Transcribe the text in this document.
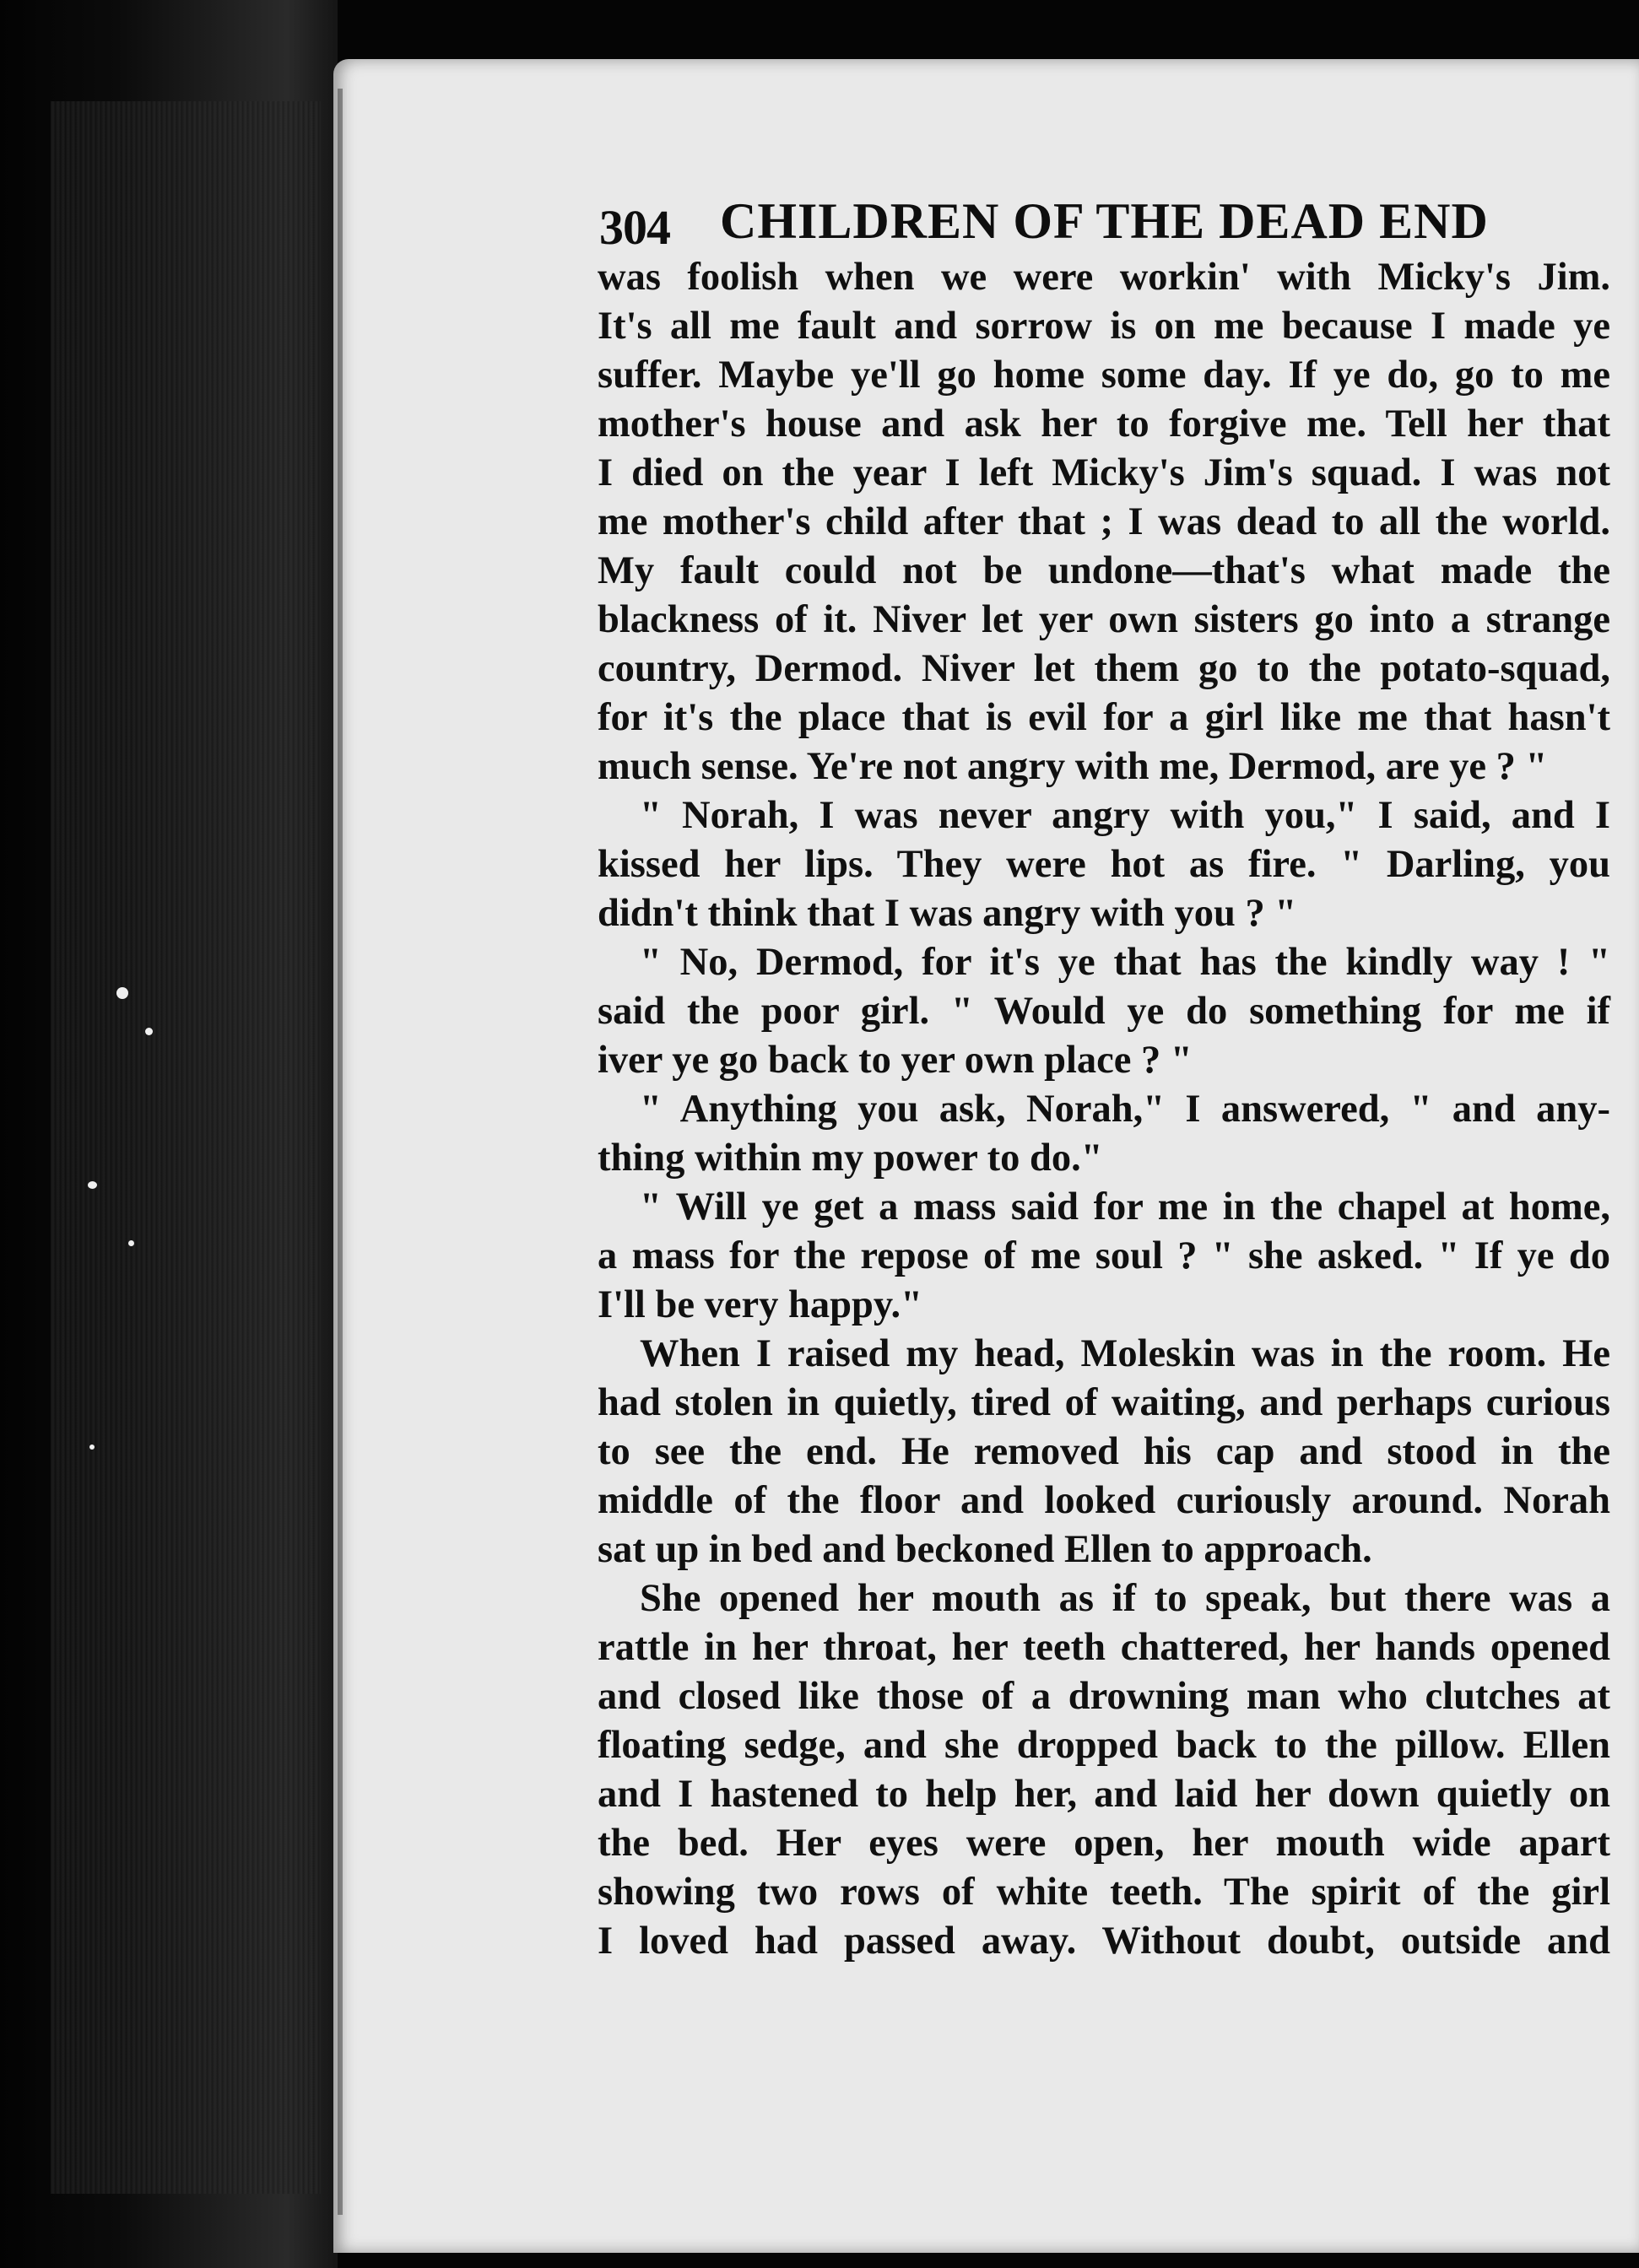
304 CHILDREN OF THE DEAD END
was foolish when we were workin' with Micky's Jim.
It's all me fault and sorrow is on me because I made ye
suffer. Maybe ye'll go home some day. If ye do, go to me
mother's house and ask her to forgive me. Tell her that
I died on the year I left Micky's Jim's squad. I was not
me mother's child after that ; I was dead to all the world.
My fault could not be undone—that's what made the
blackness of it. Niver let yer own sisters go into a strange
country, Dermod. Niver let them go to the potato-squad,
for it's the place that is evil for a girl like me that hasn't
much sense. Ye're not angry with me, Dermod, are ye ? "
" Norah, I was never angry with you," I said, and I
kissed her lips. They were hot as fire. " Darling, you
didn't think that I was angry with you ? "
" No, Dermod, for it's ye that has the kindly way ! "
said the poor girl. " Would ye do something for me if
iver ye go back to yer own place ? "
" Anything you ask, Norah," I answered, " and any-
thing within my power to do."
" Will ye get a mass said for me in the chapel at home,
a mass for the repose of me soul ? " she asked. " If ye do
I'll be very happy."
When I raised my head, Moleskin was in the room. He
had stolen in quietly, tired of waiting, and perhaps curious
to see the end. He removed his cap and stood in the
middle of the floor and looked curiously around. Norah
sat up in bed and beckoned Ellen to approach.
She opened her mouth as if to speak, but there was a
rattle in her throat, her teeth chattered, her hands opened
and closed like those of a drowning man who clutches at
floating sedge, and she dropped back to the pillow. Ellen
and I hastened to help her, and laid her down quietly on
the bed. Her eyes were open, her mouth wide apart
showing two rows of white teeth. The spirit of the girl
I loved had passed away. Without doubt, outside and
